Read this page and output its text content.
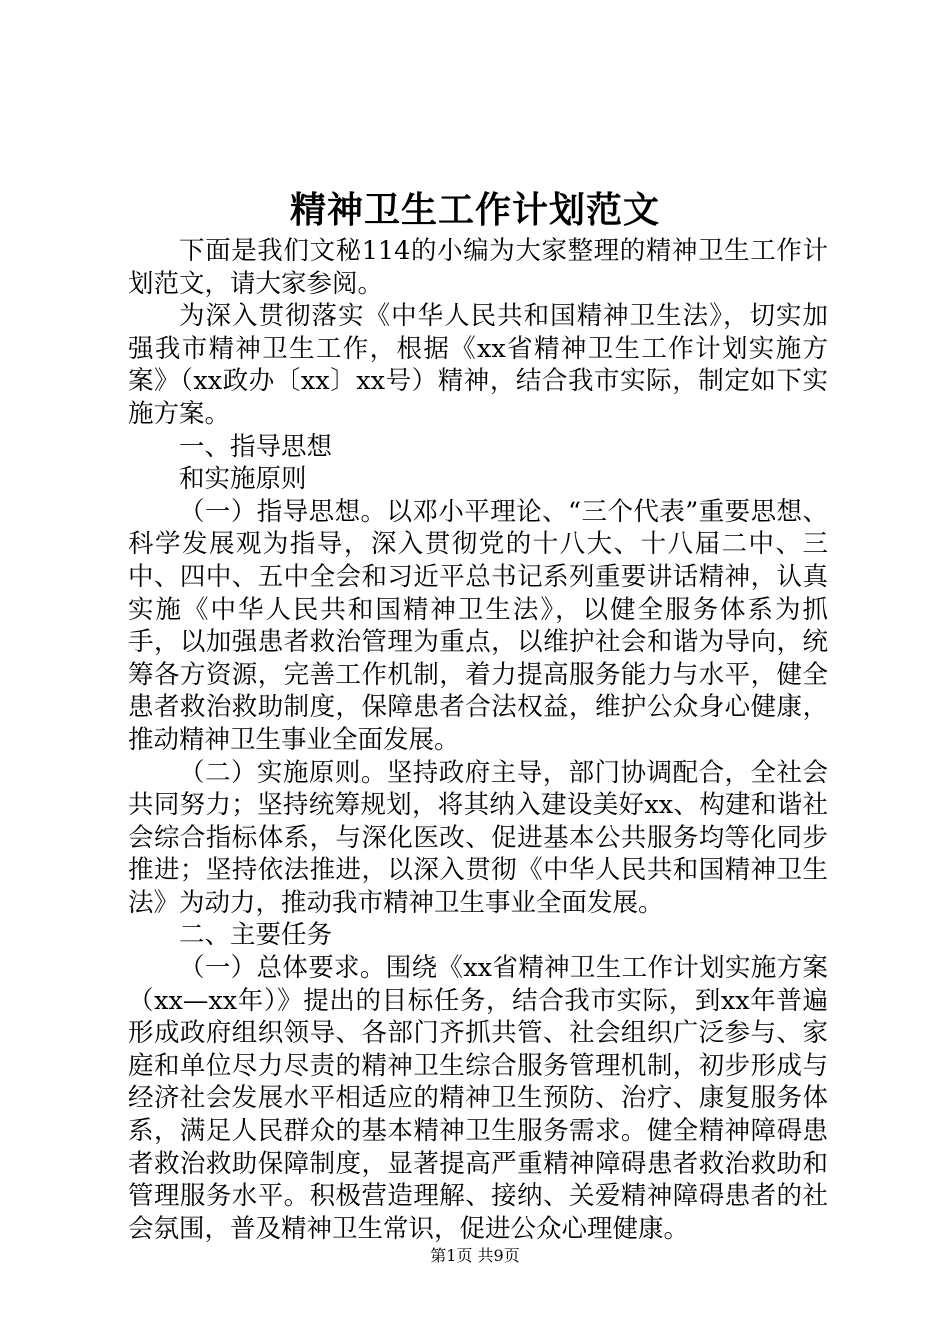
精神卫生工作计划范文

下面是我们文秘114的小编为大家整理的精神卫生工作计划范文，请大家参阅。

为深入贯彻落实《中华人民共和国精神卫生法》，切实加强我市精神卫生工作，根据《xx省精神卫生工作计划实施方案》（xx政办〔xx〕xx号）精神，结合我市实际，制定如下实施方案。

一、指导思想

和实施原则

（一）指导思想。以邓小平理论、“三个代表”重要思想、科学发展观为指导，深入贯彻党的十八大、十八届二中、三中、四中、五中全会和习近平总书记系列重要讲话精神，认真实施《中华人民共和国精神卫生法》，以健全服务体系为抓手，以加强患者救治管理为重点，以维护社会和谐为导向，统筹各方资源，完善工作机制，着力提高服务能力与水平，健全患者救治救助制度，保障患者合法权益，维护公众身心健康，推动精神卫生事业全面发展。

（二）实施原则。坚持政府主导，部门协调配合，全社会共同努力；坚持统筹规划，将其纳入建设美好xx、构建和谐社会综合指标体系，与深化医改、促进基本公共服务均等化同步推进；坚持依法推进，以深入贯彻《中华人民共和国精神卫生法》为动力，推动我市精神卫生事业全面发展。

二、主要任务

（一）总体要求。围绕《xx省精神卫生工作计划实施方案（xx—xx年）》提出的目标任务，结合我市实际，到xx年普遍形成政府组织领导、各部门齐抓共管、社会组织广泛参与、家庭和单位尽力尽责的精神卫生综合服务管理机制，初步形成与经济社会发展水平相适应的精神卫生预防、治疗、康复服务体系，满足人民群众的基本精神卫生服务需求。健全精神障碍患者救治救助保障制度，显著提高严重精神障碍患者救治救助和管理服务水平。积极营造理解、接纳、关爱精神障碍患者的社会氛围，普及精神卫生常识，促进公众心理健康。

第1页 共9页
